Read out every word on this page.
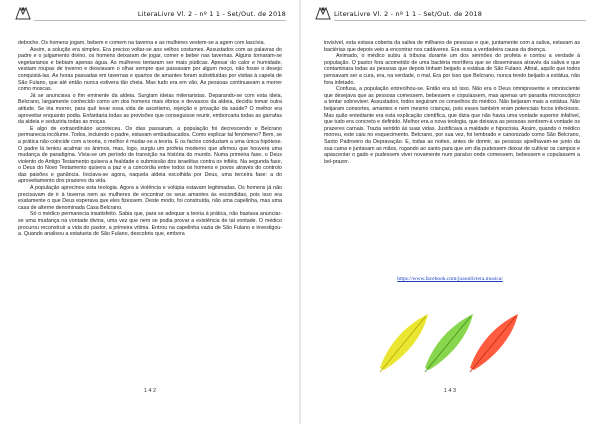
LiteraLivre Vl. 2 - nº 1 1 - Set/Out. de 2018

deboche. Os homens jogam, bebem e comem na taverna e as mulheres vestem-se a agem com lascívia.

Assim, a solução era simples. Era preciso voltar-se aos velhos costumes. Assustados com as palavras do padre e o julgamento divino, os homens deixaram de jogar, comer e beber nas tavernas. Alguns tornaram-se vegetarianos e bebiam apenas água. As mulheres tentaram ser mais púdicas. Apesar do calor e humidade, vestiam roupas de inverno e desviavam o olhar sempre que passavam por algum moço, não fosse o desejo conquistá-las. As horas passadas em tavernas e quartos de amantes foram substituídas por visitas à capela de São Fulano, que até então nunca estivera tão cheia. Mas tudo era em vão. As pessoas continuavam a morrer como moscas.

Já se anunciava o fim eminente da aldeia. Surgiam ideias milenaristas. Deparando-se com esta ideia, Belcrano, largamente conhecido como um dos homens mais ébrios e devassos da aldeia, decidiu tomar outra atitude. Se iria morrer, para quê levar essa vida de ascetismo, rejeição e privação da saúde? O melhor era aproveitar enquanto podia. Enfardaria todas as provisões que conseguisse reunir, emborcaria todas as garrafas da aldeia e seduziria todas as moças.

E algo de extraordinário aconteceu. Os dias passaram, a população foi decrescendo e Belcrano permanecia incólume. Todos, incluindo o padre, estavam embasbacados. Como explicar tal fenómeno? Bem, se a prática não coincide com a teoria, o melhor é mudar-se a teoria. E os factos conduziam a uma única hipótese. O padre lá tentou acalmar os ânimos, mas, logo, surgiu um profeta moderno que afirmou que houvera uma mudança de paradigma. Vivia-se um período de transição na história do mundo. Numa primeira fase, o Deus violento do Antigo Testamento quisera a fealdade e submissão dos israelitas contra os infiéis. Na segunda fase, o Deus do Novo Testamento quisera a paz e a concórdia entre todos os homens e povos através do controlo das paixões e ganância. Iniciava-se agora, naquela aldeia escolhida por Deus, uma terceira fase: a do aproveitamento dos prazeres da vida.

A população aprecinou esta teologia. Agora a violência e volúpia estavam legitimadas. Os homens já não precisavam de ir à taverna nem as mulheres de encontrar os seus amantes às escondidas, pois isso era exatamente o que Deus esperava que eles fizessem. Deste modo, foi construída, não uma capelinha, mas uma casa de alterne denominada Casa Belcrano.

Só o médico permanecia insatisfeito. Sabia que, para se adequar a teoria à prática, não bastava anunciar-se uma mudança na vontade divina, uma vez que nem se podia provar a existência de tal vontade. O médico procurou reconstruir a vida do pastor, a primeira vítima. Entrou na capelinha vazia de São Fulano e investigou-a. Quando analisou a estatueta de São Fulano, descobriu que, embora

1 4 2
LiteraLivre Vl. 2 - nº 1 1 - Set/Out. de 2018

invisível, esta estava coberta da saliva de milhares de pessoas e que, juntamente com a saliva, estavam as bactérias que depois veio a encontrar nos cadáveres. Era essa a verdadeira causa da doença.

Animado, o médico subiu à tribuna durante um dos sermões do profeta e contou a verdade à população. O pastor fora acometido de uma bactéria mortífera que se disseminava através da saliva e que contaminara todas as pessoas que depois tinham beijado a estátua de São Fulano. Afinal, aquilo que todos pensavam ser a cura, era, na verdade, o mal. Era por isso que Belcrano, nunca tendo beijado a estátua, não fora infetado.

Confusa, a população entreolhou-se. Então era só isso. Não era o Deus omnipresente e omnisciente que desejava que as pessoas comessem, bebessem e copulassem, mas apenas um parasita microscópico a tentar sobreviver. Assustados, todos seguiram os conselhos do médico. Não beijaram mais a estátua. Não beijaram consortes, amantes e nem mesmo crianças, pois esses também eram potenciais focos infeciosos. Mas quão entediante era esta explicação científica, que dizia que não havia uma vontade superior infalível, que tudo era concreto e definido. Melhor era a nova teologia, que deixava as pessoas sentirem-à vontade os prazeres carnais. Trazia sentido às suas vidas. Justificava a maldade e hipocrisia. Assim, quando o médico morreu, este caiu no esquecimento. Belcrano, por sua vez, foi lembrado e canonizado como São Belcrano, Santo Padroeiro da Depravação. E, todas as noites, antes de dormir, as pessoas ajoelhavam-se junto da sua cama e juntavam as mãos, rogando ao santo para que um dia pudessem deixar de cultivar os campos e apascentar o gado e pudessem viver novamente num paraíso onde comessem, bebessem e copulassem a bel-prazer.

https://www.facebook.com/joaonliviera.musica/
1 4 3
